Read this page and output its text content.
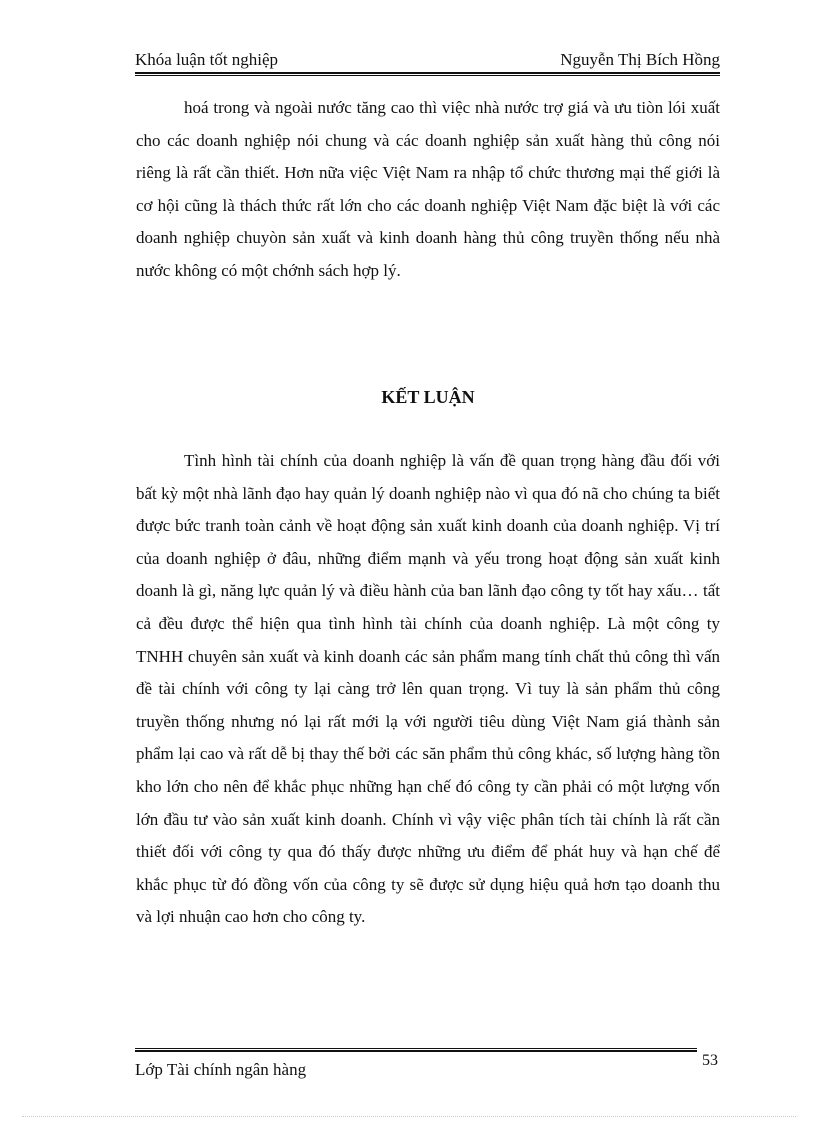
Khóa luận tốt nghiệp	Nguyễn Thị Bích Hồng

hoá trong và ngoài nước tăng cao thì việc nhà nước trợ giá và ưu tiòn lói xuất cho các doanh nghiệp nói chung và các doanh nghiệp sản xuất hàng thủ công nói riêng là rất cần thiết. Hơn nữa việc Việt Nam ra nhập tổ chức thương mại thế giới là cơ hội cũng là thách thức rất lớn cho các doanh nghiệp Việt Nam đặc biệt là với các doanh nghiệp chuyòn sản xuất và kinh doanh hàng thủ công truyền thống nếu nhà nước không có một chớnh sách hợp lý.

KẾT LUẬN

Tình hình tài chính của doanh nghiệp là vấn đề quan trọng hàng đầu đối với bất kỳ một nhà lãnh đạo hay quản lý doanh nghiệp nào vì qua đó nã cho chúng ta biết được bức tranh toàn cảnh về hoạt động sản xuất kinh doanh của doanh nghiệp. Vị trí của doanh nghiệp ở đâu, những điểm mạnh và yếu trong hoạt động sản xuất kinh doanh là gì, năng lực quản lý và điều hành của ban lãnh đạo công ty tốt hay xấu… tất cả đều được thể hiện qua tình hình tài chính của doanh nghiệp. Là một công ty TNHH chuyên sản xuất và kinh doanh các sản phẩm mang tính chất thủ công thì vấn đề tài chính với công ty lại càng trở lên quan trọng. Vì tuy là sản phẩm thủ công truyền thống nhưng nó lại rất mới lạ với người tiêu dùng Việt Nam giá thành sản phẩm lại cao và rất dễ bị thay thế bởi các săn phẩm thủ công khác, số lượng hàng tồn kho lớn cho nên để khắc phục những hạn chế đó công ty cần phải có một lượng vốn lớn đầu tư vào sản xuất kinh doanh. Chính vì vậy việc phân tích tài chính là rất cần thiết đối với công ty qua đó thấy được những ưu điểm để phát huy và hạn chế để khắc phục từ đó đồng vốn của công ty sẽ được sử dụng hiệu quả hơn tạo doanh thu và lợi nhuận cao hơn cho công ty.

Lớp Tài chính ngân hàng	53
